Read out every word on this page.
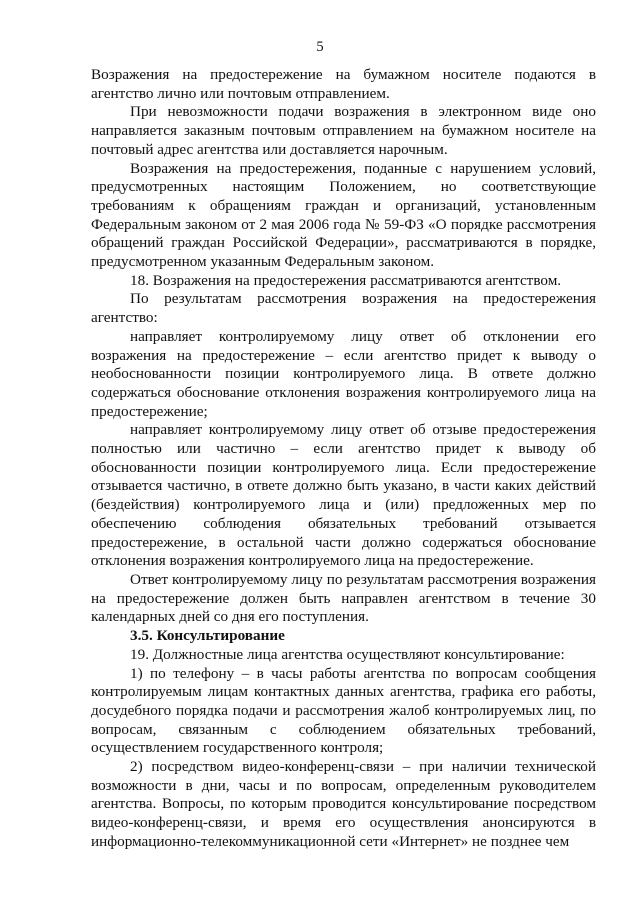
5

Возражения на предостережение на бумажном носителе подаются в агентство лично или почтовым отправлением.

При невозможности подачи возражения в электронном виде оно направляется заказным почтовым отправлением на бумажном носителе на почтовый адрес агентства или доставляется нарочным.

Возражения на предостережения, поданные с нарушением условий, предусмотренных настоящим Положением, но соответствующие требованиям к обращениям граждан и организаций, установленным Федеральным законом от 2 мая 2006 года № 59-ФЗ «О порядке рассмотрения обращений граждан Российской Федерации», рассматриваются в порядке, предусмотренном указанным Федеральным законом.

18. Возражения на предостережения рассматриваются агентством.

По результатам рассмотрения возражения на предостережения агентство:

направляет контролируемому лицу ответ об отклонении его возражения на предостережение – если агентство придет к выводу о необоснованности позиции контролируемого лица. В ответе должно содержаться обоснование отклонения возражения контролируемого лица на предостережение;

направляет контролируемому лицу ответ об отзыве предостережения полностью или частично – если агентство придет к выводу об обоснованности позиции контролируемого лица. Если предостережение отзывается частично, в ответе должно быть указано, в части каких действий (бездействия) контролируемого лица и (или) предложенных мер по обеспечению соблюдения обязательных требований отзывается предостережение, в остальной части должно содержаться обоснование отклонения возражения контролируемого лица на предостережение.

Ответ контролируемому лицу по результатам рассмотрения возражения на предостережение должен быть направлен агентством в течение 30 календарных дней со дня его поступления.

3.5. Консультирование

19. Должностные лица агентства осуществляют консультирование:

1) по телефону – в часы работы агентства по вопросам сообщения контролируемым лицам контактных данных агентства, графика его работы, досудебного порядка подачи и рассмотрения жалоб контролируемых лиц, по вопросам, связанным с соблюдением обязательных требований, осуществлением государственного контроля;

2) посредством видео-конференц-связи – при наличии технической возможности в дни, часы и по вопросам, определенным руководителем агентства. Вопросы, по которым проводится консультирование посредством видео-конференц-связи, и время его осуществления анонсируются в информационно-телекоммуникационной сети «Интернет» не позднее чем
